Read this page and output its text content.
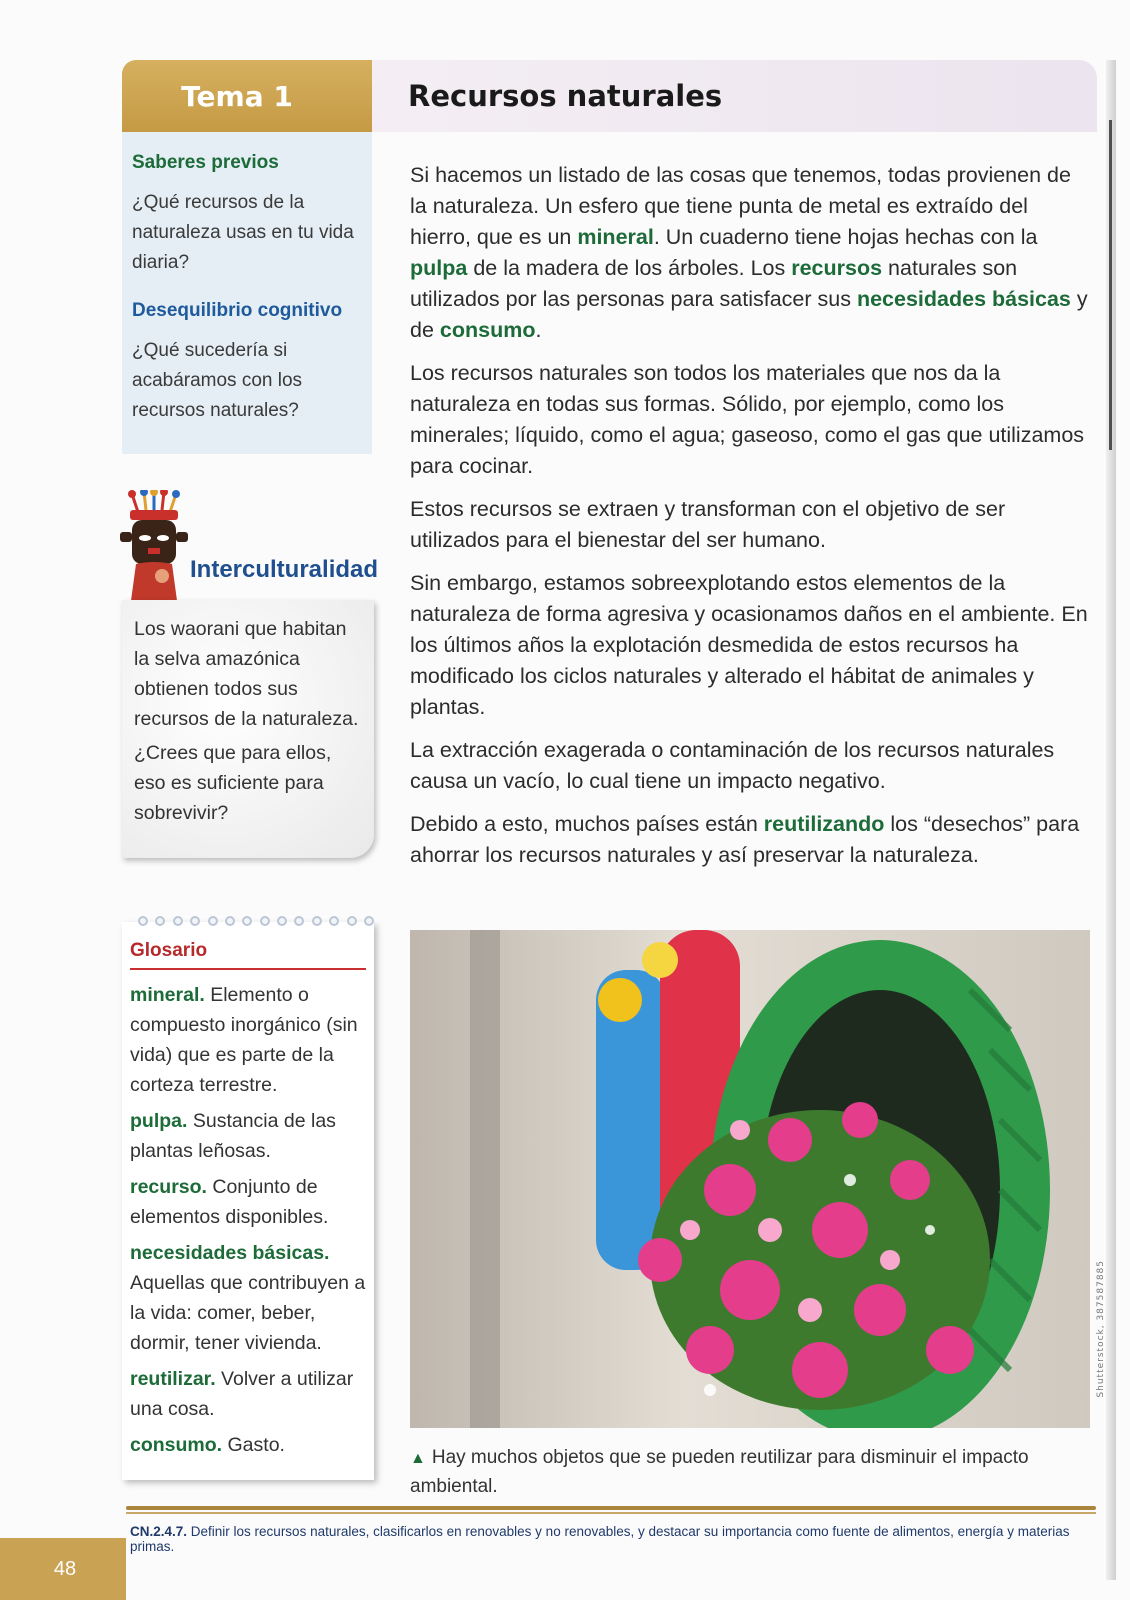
Tema 1	Recursos naturales
Saberes previos
¿Qué recursos de la naturaleza usas en tu vida diaria?
Desequilibrio cognitivo
¿Qué sucedería si acabáramos con los recursos naturales?
Interculturalidad

Los waorani que habitan la selva amazónica obtienen todos sus recursos de la naturaleza.

¿Crees que para ellos, eso es suficiente para sobrevivir?

Glosario
mineral. Elemento o compuesto inorgánico (sin vida) que es parte de la corteza terrestre.
pulpa. Sustancia de las plantas leñosas.
recurso. Conjunto de elementos disponibles.
necesidades básicas. Aquellas que contribuyen a la vida: comer, beber, dormir, tener vivienda.
reutilizar. Volver a utilizar una cosa.
consumo. Gasto.

Si hacemos un listado de las cosas que tenemos, todas provienen de la naturaleza. Un esfero que tiene punta de metal es extraído del hierro, que es un mineral. Un cuaderno tiene hojas hechas con la pulpa de la madera de los árboles. Los recursos naturales son utilizados por las personas para satisfacer sus necesidades básicas y de consumo.

Los recursos naturales son todos los materiales que nos da la naturaleza en todas sus formas. Sólido, por ejemplo, como los minerales; líquido, como el agua; gaseoso, como el gas que utilizamos para cocinar.

Estos recursos se extraen y transforman con el objetivo de ser utilizados para el bienestar del ser humano.

Sin embargo, estamos sobreexplotando estos elementos de la naturaleza de forma agresiva y ocasionamos daños en el ambiente. En los últimos años la explotación desmedida de estos recursos ha modificado los ciclos naturales y alterado el hábitat de animales y plantas.

La extracción exagerada o contaminación de los recursos naturales causa un vacío, lo cual tiene un impacto negativo.

Debido a esto, muchos países están reutilizando los “desechos” para ahorrar los recursos naturales y así preservar la naturaleza.

Shutterstock, 387587885
▲ Hay muchos objetos que se pueden reutilizar para disminuir el impacto ambiental.
CN.2.4.7. Definir los recursos naturales, clasificarlos en renovables y no renovables, y destacar su importancia como fuente de alimentos, energía y materias primas.
48
